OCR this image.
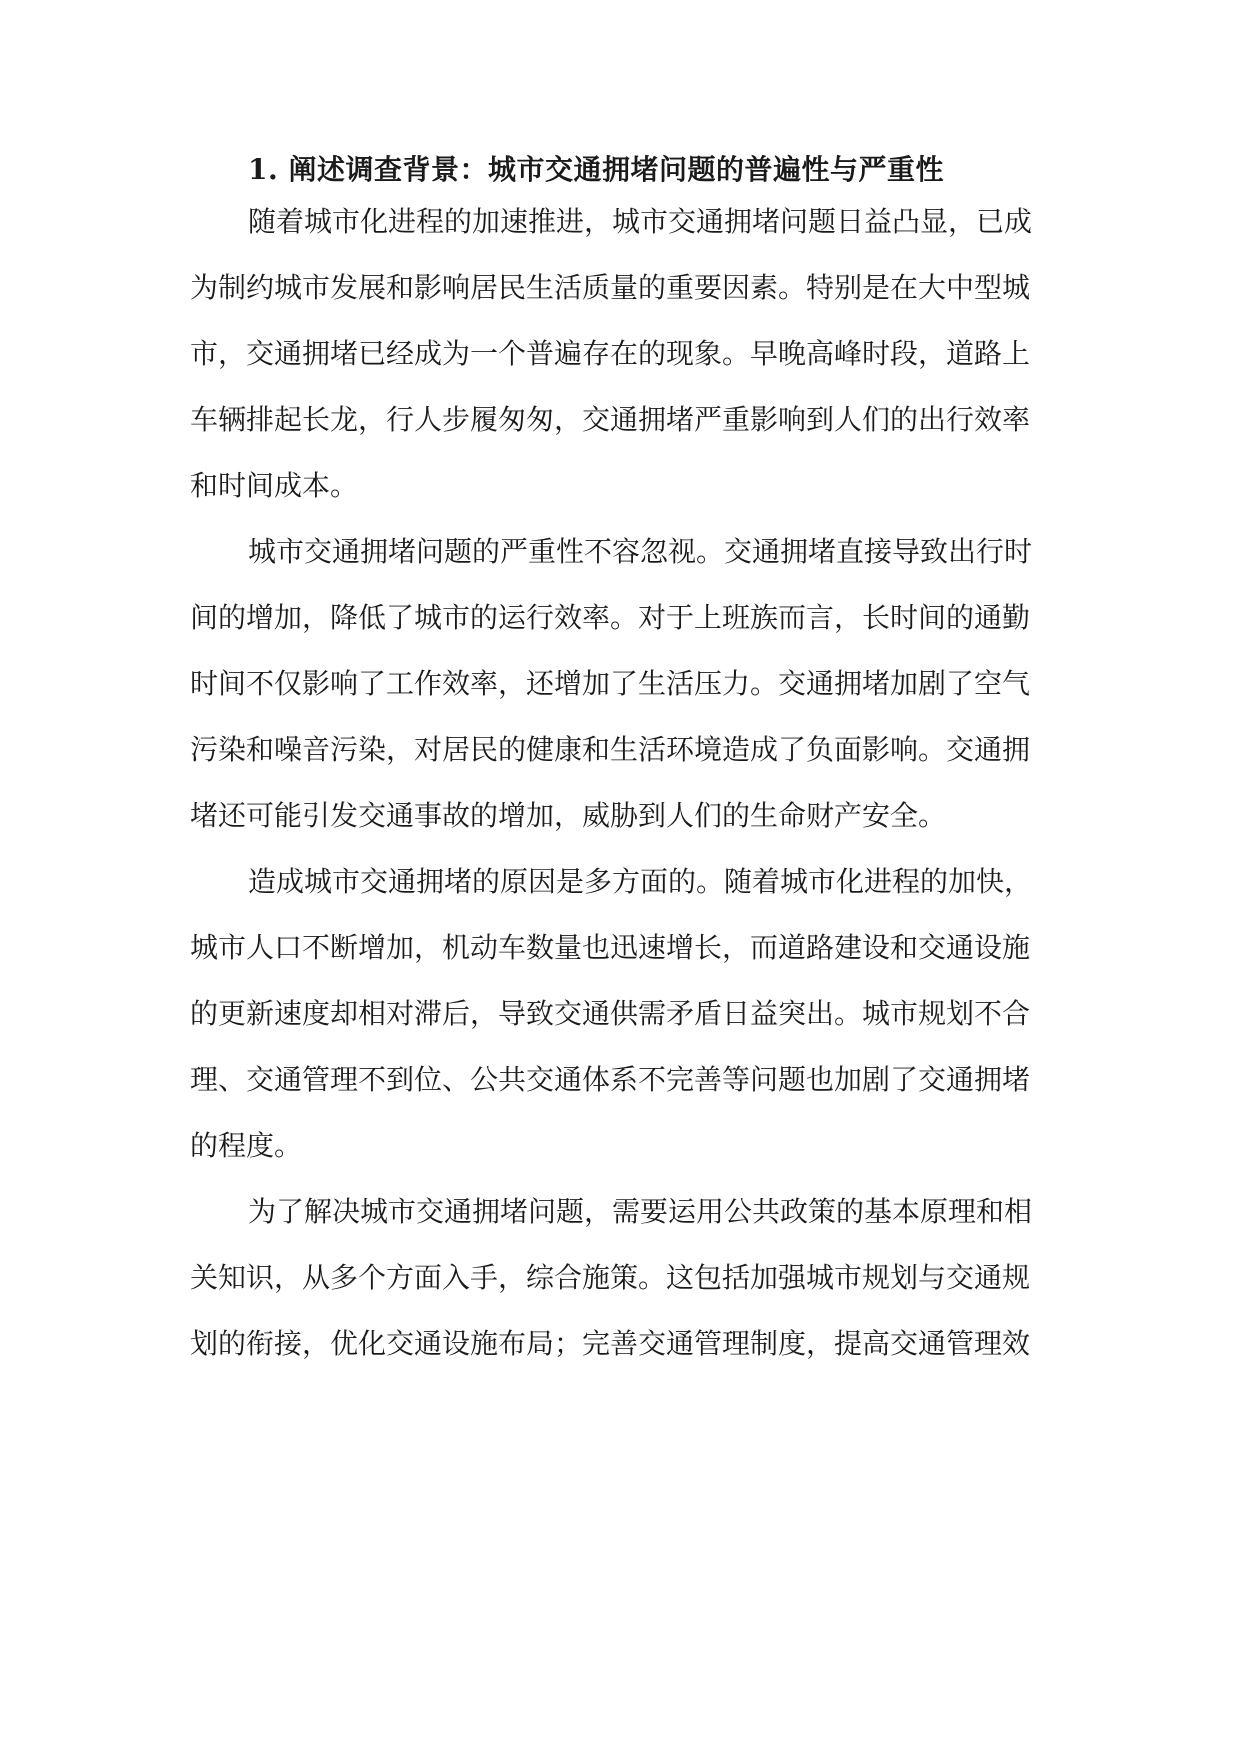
1. 阐述调查背景：城市交通拥堵问题的普遍性与严重性
随着城市化进程的加速推进，城市交通拥堵问题日益凸显，已成
为制约城市发展和影响居民生活质量的重要因素。特别是在大中型城
市，交通拥堵已经成为一个普遍存在的现象。早晚高峰时段，道路上
车辆排起长龙，行人步履匆匆，交通拥堵严重影响到人们的出行效率
和时间成本。
城市交通拥堵问题的严重性不容忽视。交通拥堵直接导致出行时
间的增加，降低了城市的运行效率。对于上班族而言，长时间的通勤
时间不仅影响了工作效率，还增加了生活压力。交通拥堵加剧了空气
污染和噪音污染，对居民的健康和生活环境造成了负面影响。交通拥
堵还可能引发交通事故的增加，威胁到人们的生命财产安全。
造成城市交通拥堵的原因是多方面的。随着城市化进程的加快，
城市人口不断增加，机动车数量也迅速增长，而道路建设和交通设施
的更新速度却相对滞后，导致交通供需矛盾日益突出。城市规划不合
理、交通管理不到位、公共交通体系不完善等问题也加剧了交通拥堵
的程度。
为了解决城市交通拥堵问题，需要运用公共政策的基本原理和相
关知识，从多个方面入手，综合施策。这包括加强城市规划与交通规
划的衔接，优化交通设施布局；完善交通管理制度，提高交通管理效
